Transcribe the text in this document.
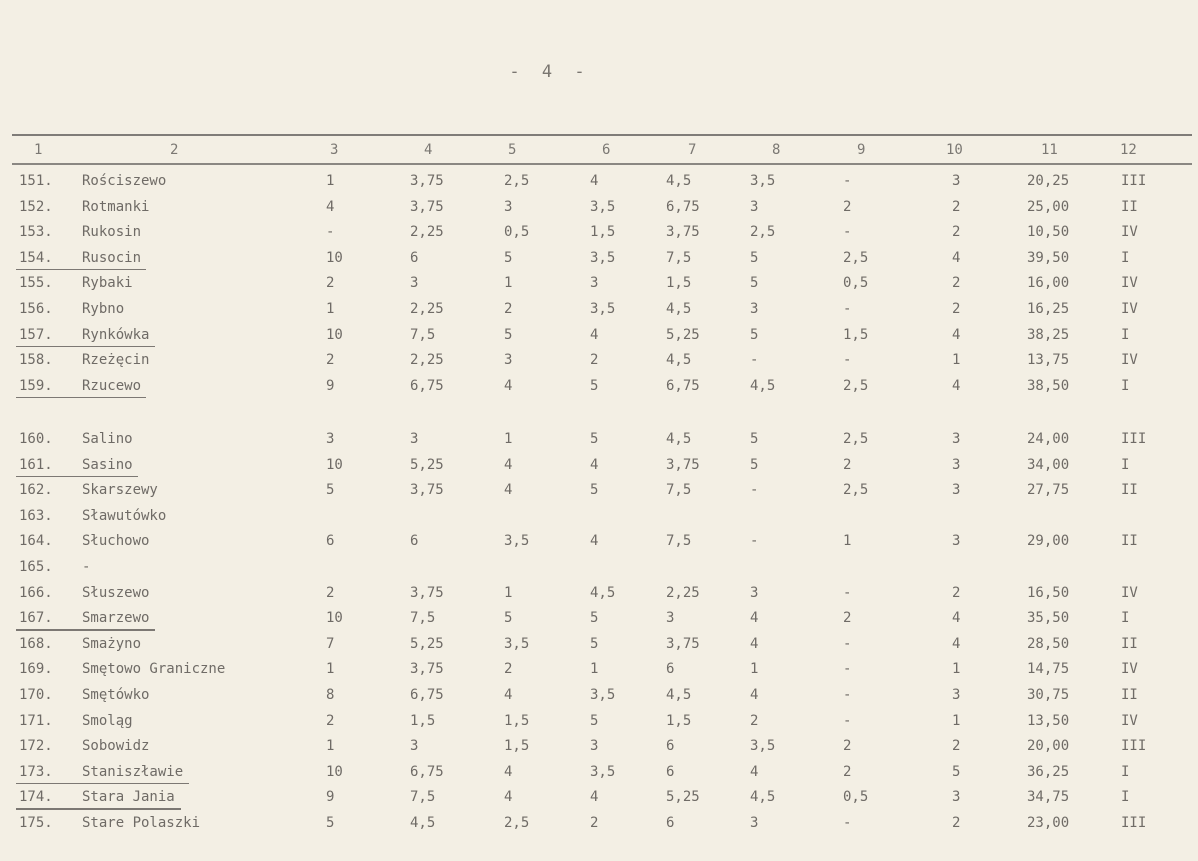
- 4 -
1	2	3	4	5	6	7	8	9	10	11	12
151. Rościszewo	1	3,75	2,5	4	4,5	3,5	-	3	20,25	III
152. Rotmanki	4	3,75	3	3,5	6,75	3	2	2	25,00	II
153. Rukosin	-	2,25	0,5	1,5	3,75	2,5	-	2	10,50	IV
154. Rusocin	10	6	5	3,5	7,5	5	2,5	4	39,50	I
155. Rybaki	2	3	1	3	1,5	5	0,5	2	16,00	IV
156. Rybno	1	2,25	2	3,5	4,5	3	-	2	16,25	IV
157. Rynkówka	10	7,5	5	4	5,25	5	1,5	4	38,25	I
158. Rzeżęcin	2	2,25	3	2	4,5	-	-	1	13,75	IV
159. Rzucewo	9	6,75	4	5	6,75	4,5	2,5	4	38,50	I
160. Salino	3	3	1	5	4,5	5	2,5	3	24,00	III
161. Sasino	10	5,25	4	4	3,75	5	2	3	34,00	I
162. Skarszewy	5	3,75	4	5	7,5	-	2,5	3	27,75	II
163. Sławutówko
164. Słuchowo	6	6	3,5	4	7,5	-	1	3	29,00	II
165. -
166. Słuszewo	2	3,75	1	4,5	2,25	3	-	2	16,50	IV
167. Smarzewo	10	7,5	5	5	3	4	2	4	35,50	I
168. Smażyno	7	5,25	3,5	5	3,75	4	-	4	28,50	II
169. Smętowo Graniczne	1	3,75	2	1	6	1	-	1	14,75	IV
170. Smętówko	8	6,75	4	3,5	4,5	4	-	3	30,75	II
171. Smoląg	2	1,5	1,5	5	1,5	2	-	1	13,50	IV
172. Sobowidz	1	3	1,5	3	6	3,5	2	2	20,00	III
173. Staniszławie	10	6,75	4	3,5	6	4	2	5	36,25	I
174. Stara Jania	9	7,5	4	4	5,25	4,5	0,5	3	34,75	I
175. Stare Polaszki	5	4,5	2,5	2	6	3	-	2	23,00	III
